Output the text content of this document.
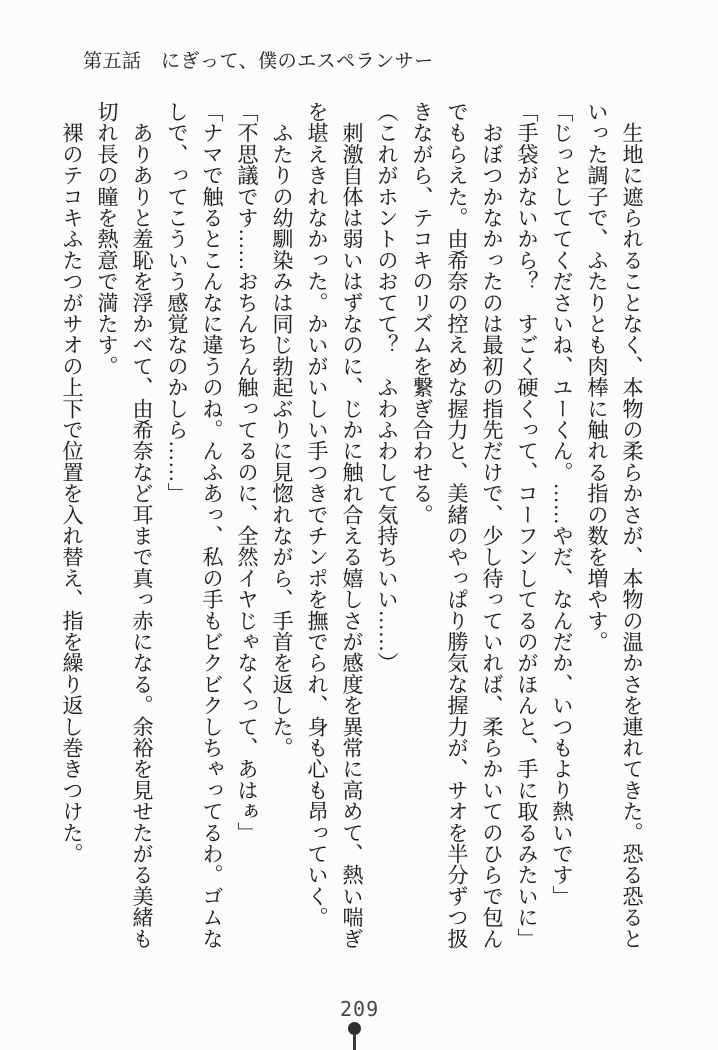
第五話　にぎって、僕のエスペランサー

　生地に遮られることなく、本物の柔らかさが、本物の温かさを連れてきた。恐る恐ると

いった調子で、ふたりとも肉棒に触れる指の数を増やす。

「じっとしててくださいね、ユーくん。……やだ、なんだか、いつもより熱いです」

「手袋がないから？　すごく硬くって、コーフンしてるのがほんと、手に取るみたいに」

　おぼつかなかったのは最初の指先だけで、少し待っていれば、柔らかいてのひらで包ん

でもらえた。由希奈の控えめな握力と、美緒のやっぱり勝気な握力が、サオを半分ずつ扱

きながら、テコキのリズムを繋ぎ合わせる。

（これがホントのおてて？　ふわふわして気持ちいい……）

　刺激自体は弱いはずなのに、じかに触れ合える嬉しさが感度を異常に高めて、熱い喘ぎ

を堪えきれなかった。かいがいしい手つきでチンポを撫でられ、身も心も昂っていく。

　ふたりの幼馴染みは同じ勃起ぶりに見惚れながら、手首を返した。

「不思議です……おちんちん触ってるのに、全然イヤじゃなくって、あはぁ」

「ナマで触るとこんなに違うのね。んふあっ、私の手もビクビクしちゃってるわ。ゴムな

しで、ってこういう感覚なのかしら……」

　ありありと羞恥を浮かべて、由希奈など耳まで真っ赤になる。余裕を見せたがる美緒も

切れ長の瞳を熱意で満たす。

　裸のテコキふたつがサオの上下で位置を入れ替え、指を繰り返し巻きつけた。

209
